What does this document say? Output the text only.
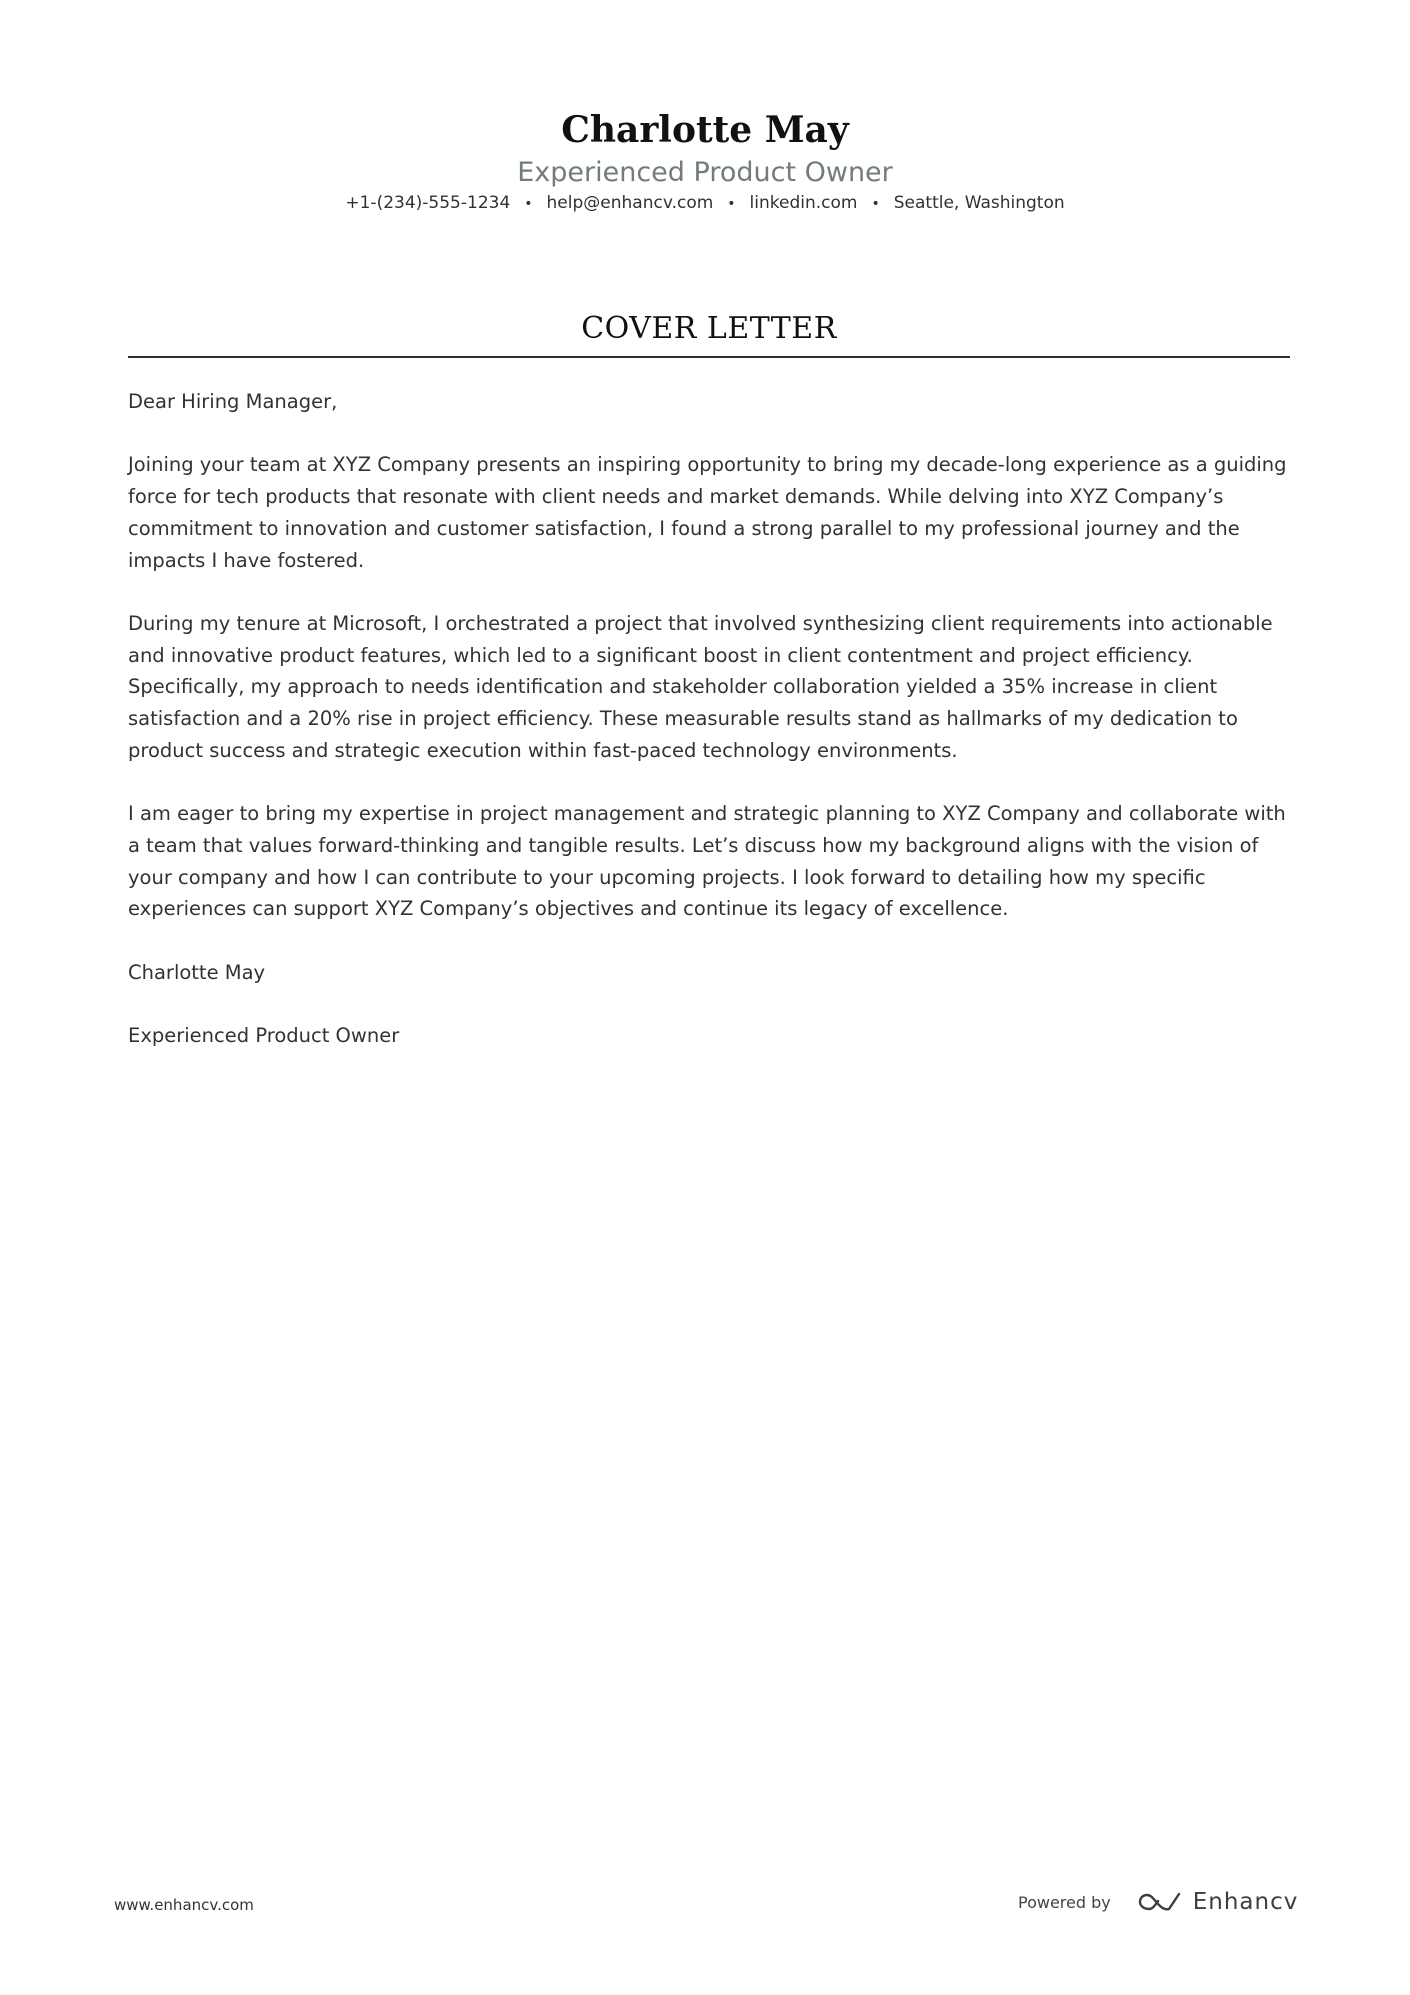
Charlotte May
Experienced Product Owner
+1-(234)-555-1234 • help@enhancv.com • linkedin.com • Seattle, Washington
COVER LETTER

Dear Hiring Manager,

Joining your team at XYZ Company presents an inspiring opportunity to bring my decade-long experience as a guiding force for tech products that resonate with client needs and market demands. While delving into XYZ Company’s commitment to innovation and customer satisfaction, I found a strong parallel to my professional journey and the impacts I have fostered.

During my tenure at Microsoft, I orchestrated a project that involved synthesizing client requirements into actionable and innovative product features, which led to a significant boost in client contentment and project efficiency. Specifically, my approach to needs identification and stakeholder collaboration yielded a 35% increase in client satisfaction and a 20% rise in project efficiency. These measurable results stand as hallmarks of my dedication to product success and strategic execution within fast-paced technology environments.

I am eager to bring my expertise in project management and strategic planning to XYZ Company and collaborate with a team that values forward-thinking and tangible results. Let’s discuss how my background aligns with the vision of your company and how I can contribute to your upcoming projects. I look forward to detailing how my specific experiences can support XYZ Company’s objectives and continue its legacy of excellence.

Charlotte May

Experienced Product Owner

www.enhancv.com	Powered by	Enhancv
